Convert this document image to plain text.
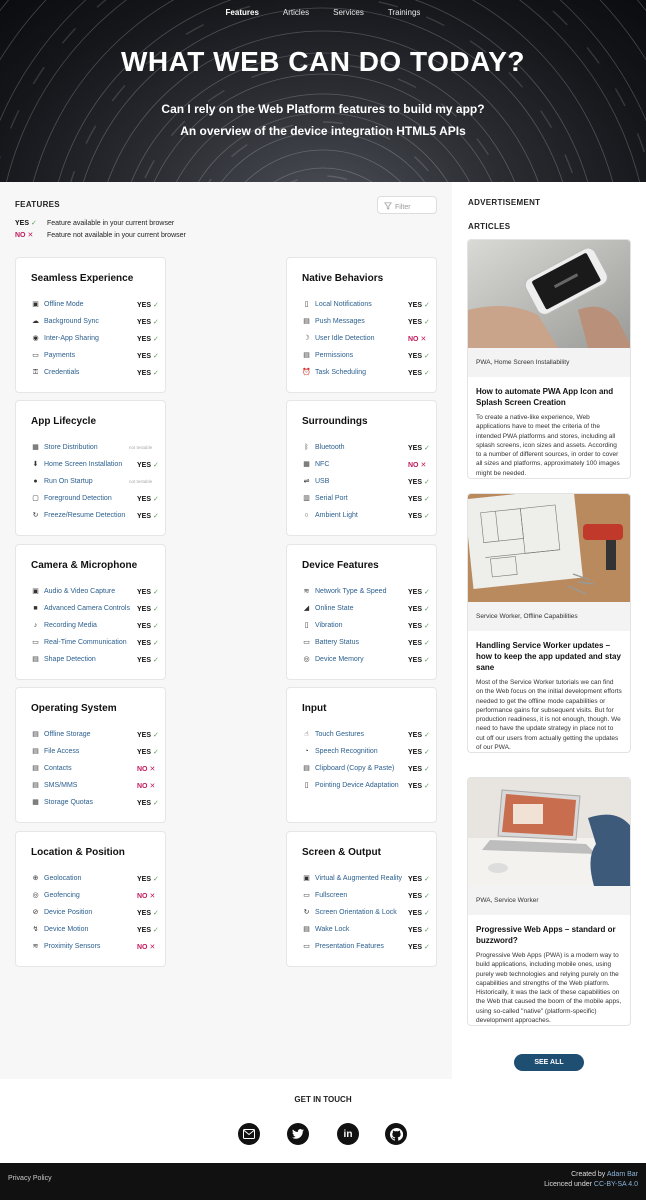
Features	Articles	Services	Trainings
WHAT WEB CAN DO TODAY?
Can I rely on the Web Platform features to build my app?
An overview of the device integration HTML5 APIs
FEATURES	Filter
YES ✓ Feature available in your current browser
NO ✕ Feature not available in your current browser
Seamless Experience
▣ Offline Mode	YES ✓
☁ Background Sync	YES ✓
◉ Inter-App Sharing	YES ✓
▭ Payments	YES ✓
⚿ Credentials	YES ✓
Native Behaviors
▯ Local Notifications	YES ✓
▤ Push Messages	YES ✓
☽ User Idle Detection	NO ✕
▤ Permissions	YES ✓
⏰ Task Scheduling	YES ✓
App Lifecycle
▦ Store Distribution	not testable
⬇ Home Screen Installation	YES ✓
● Run On Startup	not testable
▢ Foreground Detection	YES ✓
↻ Freeze/Resume Detection	YES ✓
Surroundings
ᛒ Bluetooth	YES ✓
▦ NFC	NO ✕
⇌ USB	YES ✓
▥ Serial Port	YES ✓
○ Ambient Light	YES ✓
Camera & Microphone
▣ Audio & Video Capture	YES ✓
■ Advanced Camera Controls	YES ✓
♪ Recording Media	YES ✓
▭ Real-Time Communication	YES ✓
▤ Shape Detection	YES ✓
Device Features
≋ Network Type & Speed	YES ✓
◢ Online State	YES ✓
▯ Vibration	YES ✓
▭ Battery Status	YES ✓
◎ Device Memory	YES ✓
Operating System
▤ Offline Storage	YES ✓
▤ File Access	YES ✓
▤ Contacts	NO ✕
▤ SMS/MMS	NO ✕
▦ Storage Quotas	YES ✓
Input
☝ Touch Gestures	YES ✓
◔ Speech Recognition	YES ✓
▤ Clipboard (Copy & Paste)	YES ✓
▯ Pointing Device Adaptation	YES ✓
Location & Position
⊕ Geolocation	YES ✓
◎ Geofencing	NO ✕
⊘ Device Position	YES ✓
↯ Device Motion	YES ✓
≋ Proximity Sensors	NO ✕
Screen & Output
▣ Virtual & Augmented Reality YES ✓
▭ Fullscreen	YES ✓
↻ Screen Orientation & Lock	YES ✓
▤ Wake Lock	YES ✓
▭ Presentation Features	YES ✓
ADVERTISEMENT
ARTICLES
PWA, Home Screen Installability
How to automate PWA App Icon and Splash Screen Creation

To create a native-like experience, Web applications have to meet the criteria of the intended PWA platforms and stores, including all splash screens, icon sizes and assets. According to a number of different sources, in order to cover all sizes and platforms, approximately 100 images might be needed.

Service Worker, Offline Capabilities
Handling Service Worker updates – how to keep the app updated and stay sane

Most of the Service Worker tutorials we can find on the Web focus on the initial development efforts needed to get the offline mode capabilities or performance gains for subsequent visits. But for production readiness, it is not enough, though. We need to have the update strategy in place not to cut off our users from actually getting the updates of our PWA.

PWA, Service Worker
Progressive Web Apps – standard or buzzword?

Progressive Web Apps (PWA) is a modern way to build applications, including mobile ones, using purely web technologies and relying purely on the capabilities and strengths of the Web platform. Historically, it was the lack of these capabilities on the Web that caused the boom of the mobile apps, using so-called "native" (platform-specific) development approaches.

SEE ALL
GET IN TOUCH
in
Privacy Policy
Created by Adam Bar
Licenced under CC-BY-SA 4.0
